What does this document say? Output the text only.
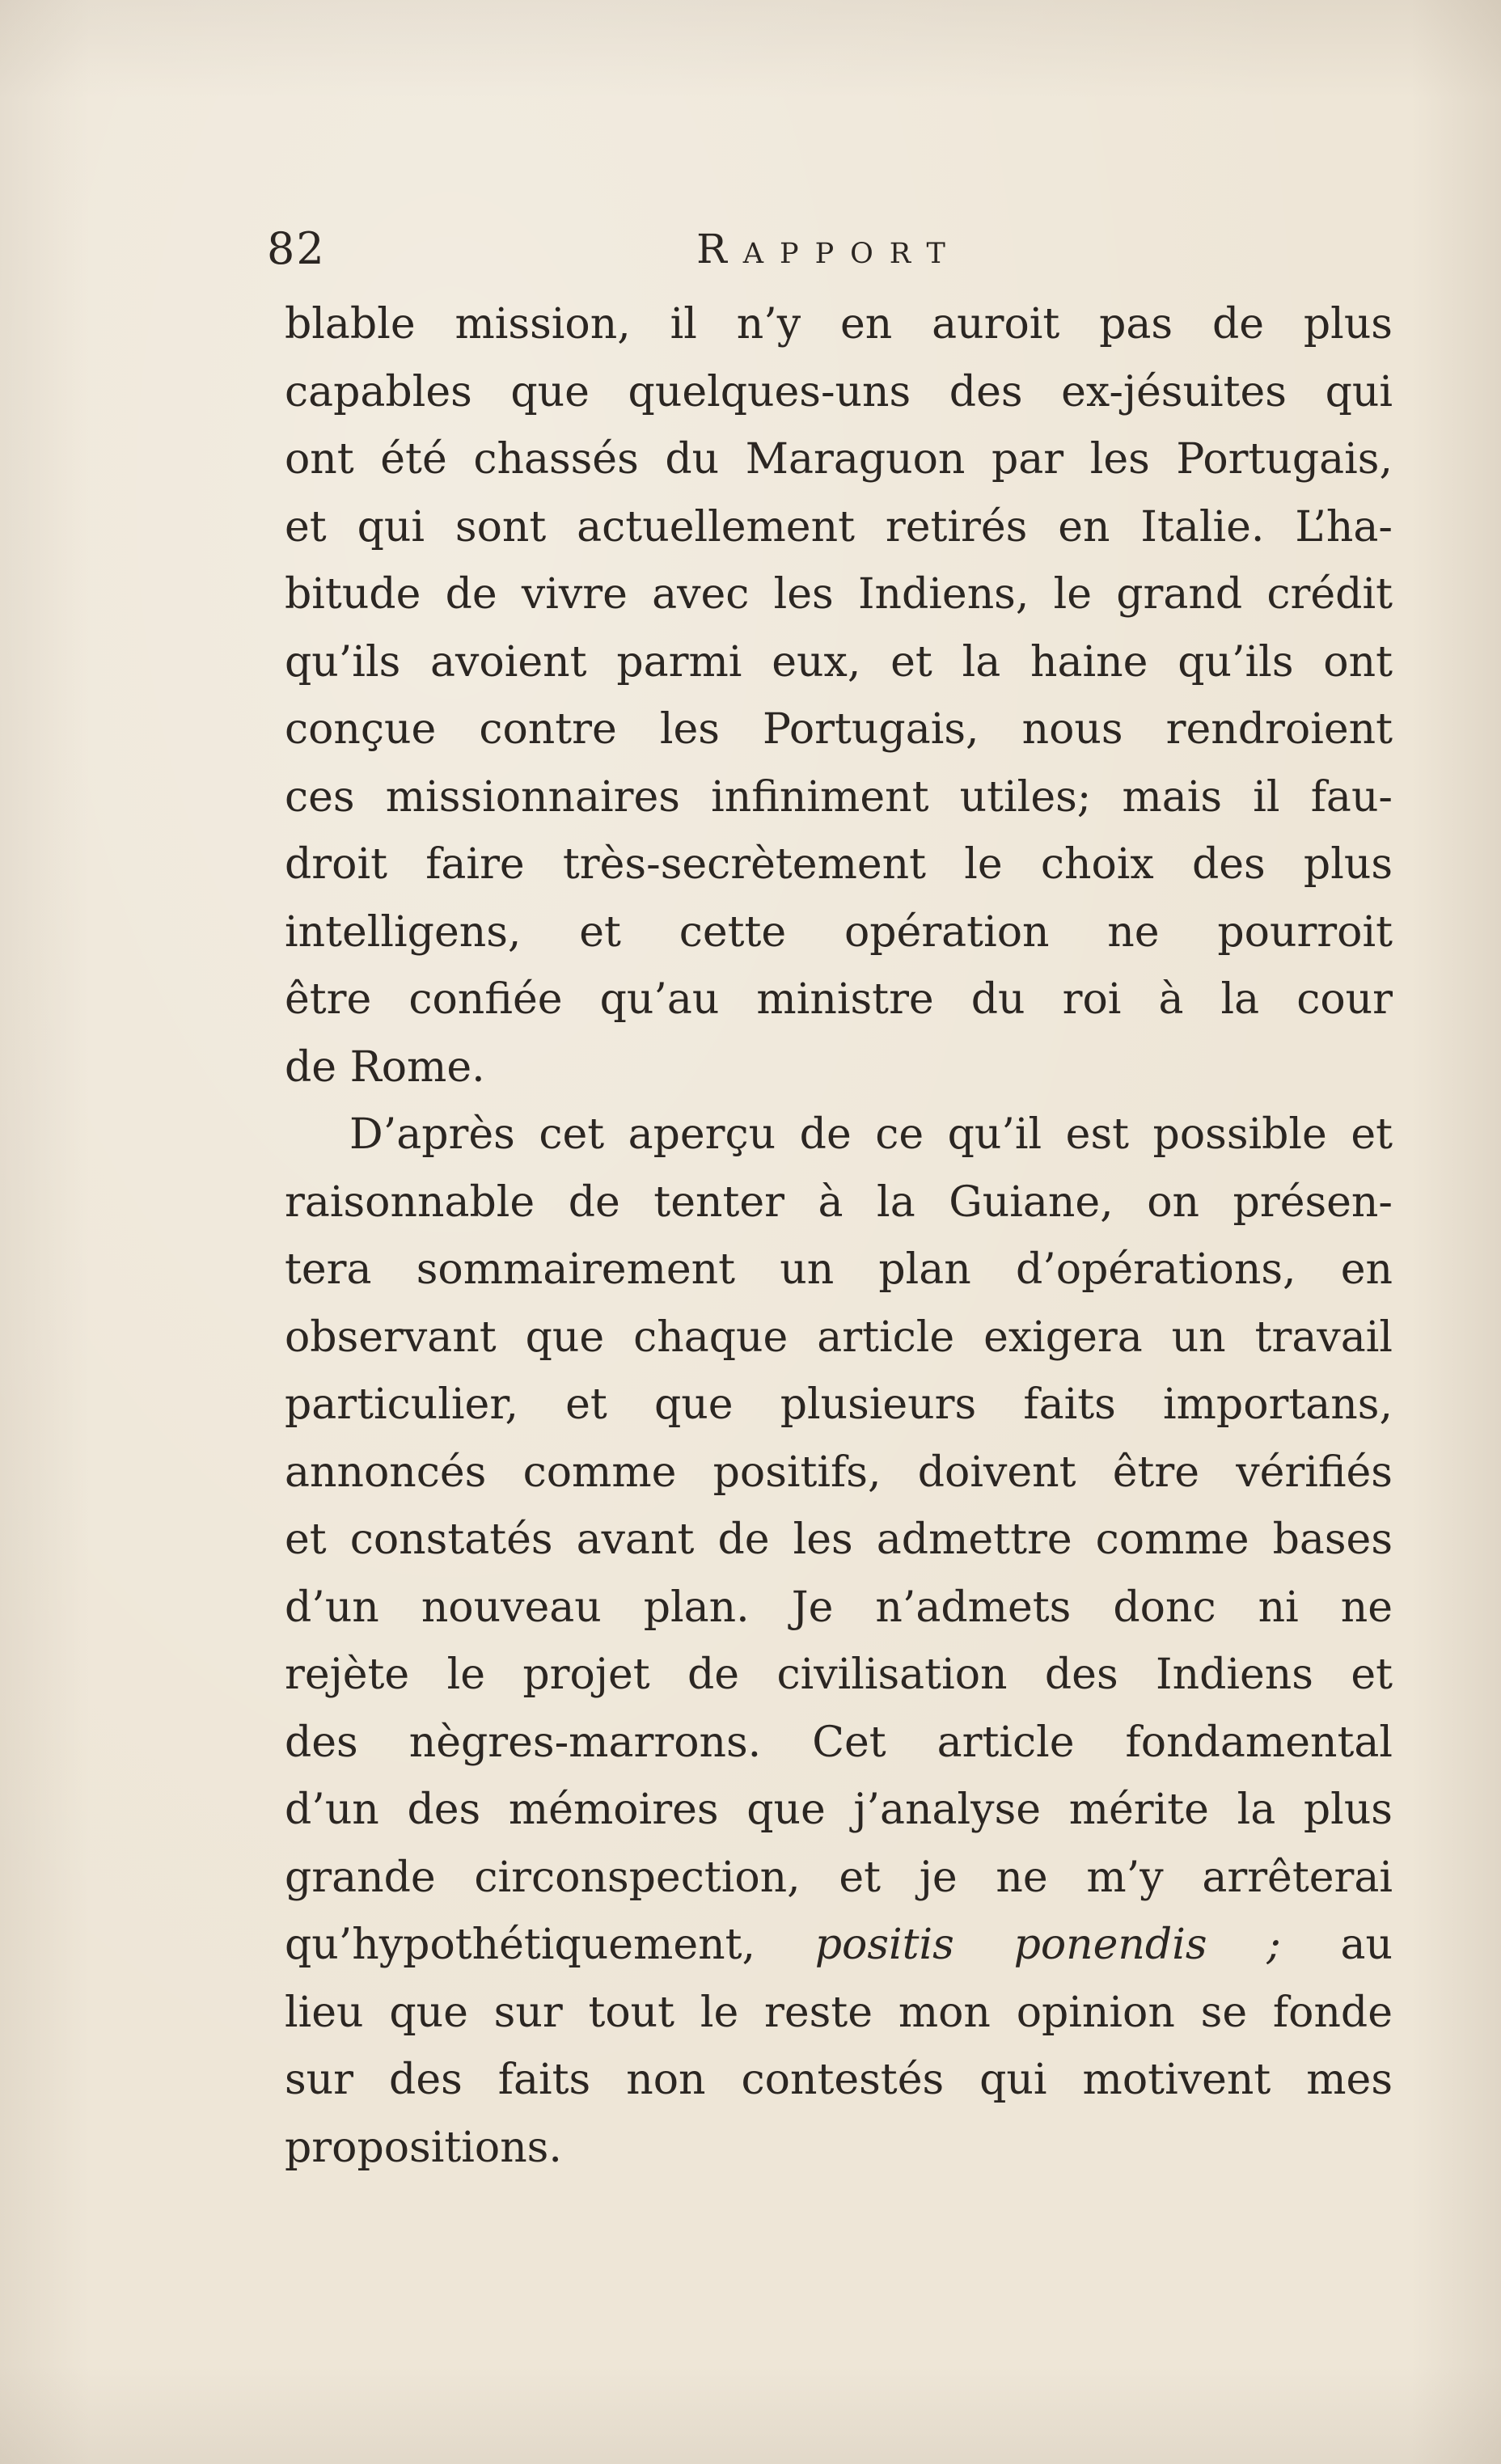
82	Rapport
blable mission, il n’y en auroit pas de plus
capables que quelques-uns des ex-jésuites qui
ont été chassés du Maraguon par les Portugais,
et qui sont actuellement retirés en Italie. L’ha-
bitude de vivre avec les Indiens, le grand crédit
qu’ils avoient parmi eux, et la haine qu’ils ont
conçue contre les Portugais, nous rendroient
ces missionnaires infiniment utiles; mais il fau-
droit faire très-secrètement le choix des plus
intelligens, et cette opération ne pourroit
être confiée qu’au ministre du roi à la cour
de Rome.
D’après cet aperçu de ce qu’il est possible et
raisonnable de tenter à la Guiane, on présen-
tera sommairement un plan d’opérations, en
observant que chaque article exigera un travail
particulier, et que plusieurs faits importans,
annoncés comme positifs, doivent être vérifiés
et constatés avant de les admettre comme bases
d’un nouveau plan. Je n’admets donc ni ne
rejète le projet de civilisation des Indiens et
des nègres-marrons. Cet article fondamental
d’un des mémoires que j’analyse mérite la plus
grande circonspection, et je ne m’y arrêterai
qu’hypothétiquement, positis ponendis ; au
lieu que sur tout le reste mon opinion se fonde
sur des faits non contestés qui motivent mes
propositions.
